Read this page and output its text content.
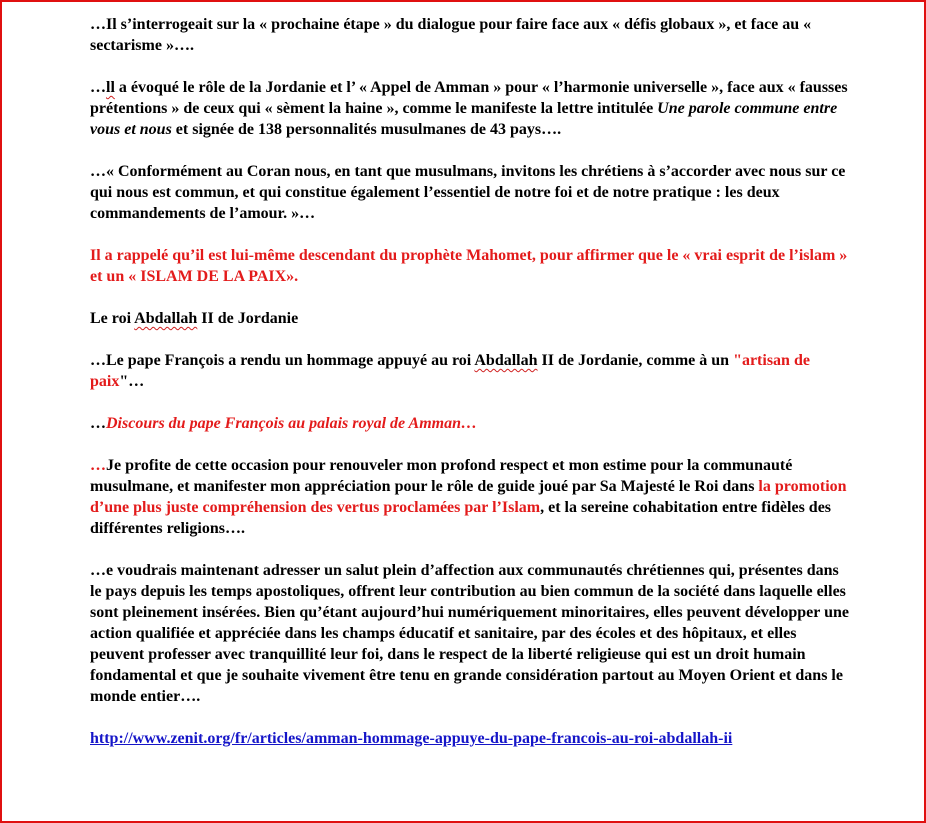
…Il s’interrogeait sur la « prochaine étape » du dialogue pour faire face aux « défis globaux », et face au « sectarisme »….

…ll a évoqué le rôle de la Jordanie et l’ « Appel de Amman » pour « l’harmonie universelle », face aux « fausses prétentions » de ceux qui « sèment la haine », comme le manifeste la lettre intitulée Une parole commune entre vous et nous et signée de 138 personnalités musulmanes de 43 pays….

…« Conformément au Coran nous, en tant que musulmans, invitons les chrétiens à s’accorder avec nous sur ce qui nous est commun, et qui constitue également l’essentiel de notre foi et de notre pratique : les deux commandements de l’amour. »…

Il a rappelé qu’il est lui-même descendant du prophète Mahomet, pour affirmer que le « vrai esprit de l’islam » et un « ISLAM DE LA PAIX».

Le roi Abdallah II de Jordanie

…Le pape François a rendu un hommage appuyé au roi Abdallah II de Jordanie, comme à un "artisan de paix"…

…Discours du pape François au palais royal de Amman…

…Je profite de cette occasion pour renouveler mon profond respect et mon estime pour la communauté musulmane, et manifester mon appréciation pour le rôle de guide joué par Sa Majesté le Roi dans la promotion d’une plus juste compréhension des vertus proclamées par l’Islam, et la sereine cohabitation entre fidèles des différentes religions….

…e voudrais maintenant adresser un salut plein d’affection aux communautés chrétiennes qui, présentes dans le pays depuis les temps apostoliques, offrent leur contribution au bien commun de la société dans laquelle elles sont pleinement insérées. Bien qu’étant aujourd’hui numériquement minoritaires, elles peuvent développer une action qualifiée et appréciée dans les champs éducatif et sanitaire, par des écoles et des hôpitaux, et elles peuvent professer avec tranquillité leur foi, dans le respect de la liberté religieuse qui est un droit humain fondamental et que je souhaite vivement être tenu en grande considération partout au Moyen Orient et dans le monde entier….

http://www.zenit.org/fr/articles/amman-hommage-appuye-du-pape-francois-au-roi-abdallah-ii
